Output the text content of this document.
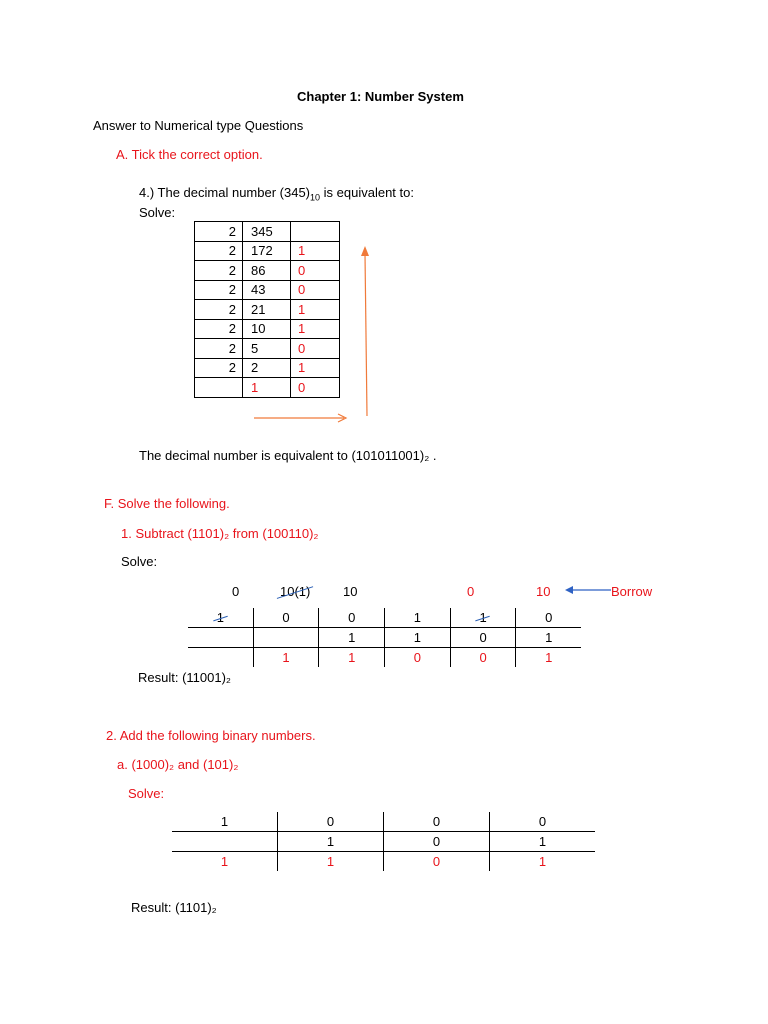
Chapter 1: Number System
Answer to Numerical type Questions
A. Tick the correct option.
4.) The decimal number $(345)_{10}$ is equivalent to:
Solve:
2	345	
2	172	1
2	86	0
2	43	0
2	21	1
2	10	1
2	5	0
2	2	1
	1	0
The decimal number is equivalent to (101011001)₂ .
F. Solve the following.
1. Subtract (1101)₂ from (100110)₂
Solve:
0	10(1)	10	0	10	Borrow
1	0	0	1	1	0
		1	1	0	1
	1	1	0	0	1
Result: (11001)₂
2. Add the following binary numbers.
a. (1000)₂ and (101)₂
Solve:
1	0	0	0
	1	0	1
1	1	0	1
Result: (1101)₂
